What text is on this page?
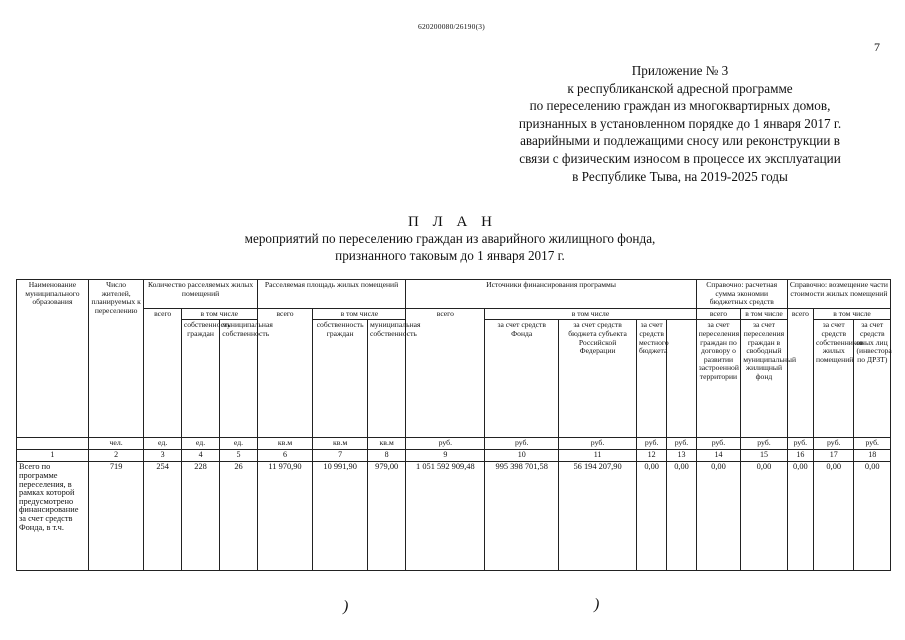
620200080/26190(3)
7
Приложение № 3
к республиканской адресной программе
по переселению граждан из многоквартирных домов,
признанных в установленном порядке до 1 января 2017 г.
аварийными и подлежащими сносу или реконструкции в
связи с физическим износом в процессе их эксплуатации
в Республике Тыва, на 2019-2025 годы
П Л А Н
мероприятий по переселению граждан из аварийного жилищного фонда,
признанного таковым до 1 января 2017 г.
Наименование муниципального образования	Число жителей, планируемых к переселению	Количество расселяемых жилых помещений			Расселяемая площадь жилых помещений			Источники финансирования программы					Справочно: расчетная сумма экономии бюджетных средств		Справочно: возмещение части стоимости жилых помещений		
		всего	в том числе		всего	в том числе		всего	в том числе				всего	в том числе	всего	в том числе	
			собственность граждан	муниципальная собственность		собственность граждан	муниципальная собственность		за счет средств Фонда	за счет средств бюджета субъекта Российской Федерации	за счет средств местного бюджета		за счет переселения граждан по договору о развитии застроенной территории	за счет переселения граждан в свободный муниципальный жилищный фонд		за счет средств собственников жилых помещений	за счет средств иных лиц (инвестора по ДРЗТ)
	чел.	ед.	ед.	ед.	кв.м	кв.м	кв.м	руб.	руб.	руб.	руб.	руб.	руб.	руб.	руб.	руб.	руб.
1	2	3	4	5	6	7	8	9	10	11	12	13	14	15	16	17	18
Всего по программе переселения, в рамках которой предусмотрено финансирование за счет средств Фонда, в т.ч.	719	254	228	26	11 970,90	10 991,90	979,00	1 051 592 909,48	995 398 701,58	56 194 207,90	0,00	0,00	0,00	0,00	0,00	0,00	0,00
)	)
